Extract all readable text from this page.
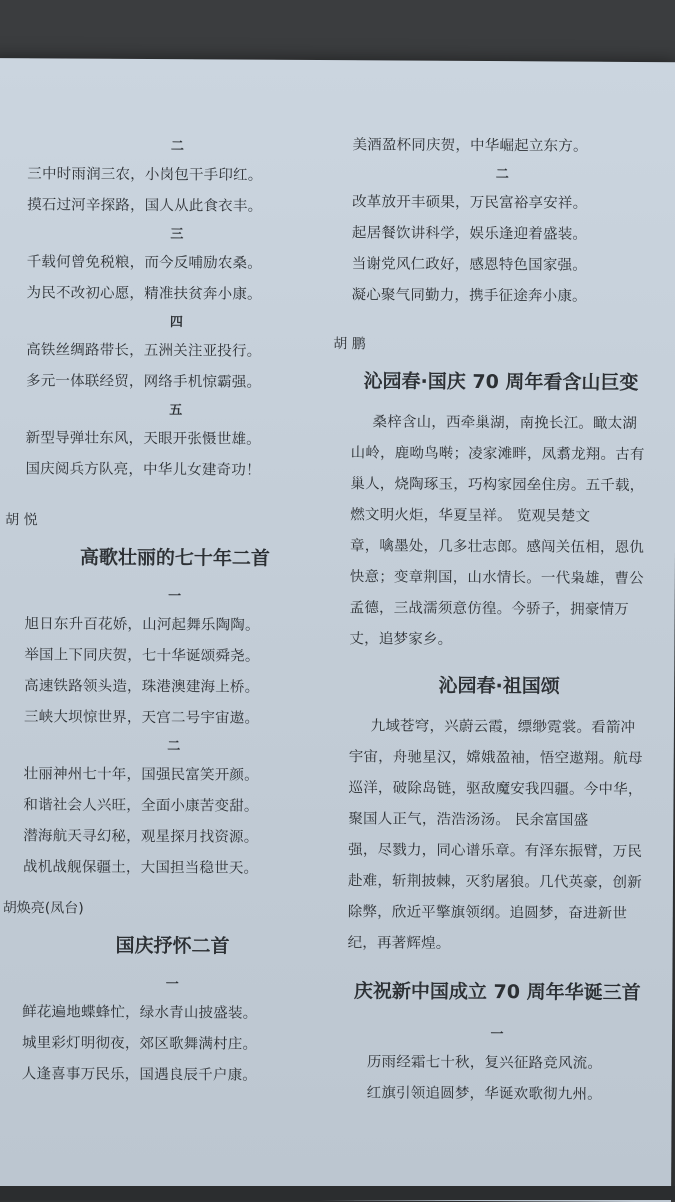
二
三中时雨润三农，小岗包干手印红。
摸石过河辛探路，国人从此食衣丰。
三
千载何曾免税粮，而今反哺励农桑。
为民不改初心愿，精准扶贫奔小康。
四
高铁丝绸路带长，五洲关注亚投行。
多元一体联经贸，网络手机惊霸强。
五
新型导弹壮东风，天眼开张慑世雄。
国庆阅兵方队亮，中华儿女建奇功！
胡 悦
高歌壮丽的七十年二首
一
旭日东升百花娇，山河起舞乐陶陶。
举国上下同庆贺，七十华诞颂舜尧。
高速铁路领头造，珠港澳建海上桥。
三峡大坝惊世界，天宫二号宇宙遨。
二
壮丽神州七十年，国强民富笑开颜。
和谐社会人兴旺，全面小康苦变甜。
潜海航天寻幻秘，观星探月找资源。
战机战舰保疆土，大国担当稳世天。
胡焕亮(凤台)
国庆抒怀二首
一
鲜花遍地蝶蜂忙，绿水青山披盛装。
城里彩灯明彻夜，郊区歌舞满村庄。
人逢喜事万民乐，国遇良辰千户康。
美酒盈杯同庆贺，中华崛起立东方。
二
改革放开丰硕果，万民富裕享安祥。
起居餐饮讲科学，娱乐逢迎着盛装。
当谢党风仁政好，感恩特色国家强。
凝心聚气同勤力，携手征途奔小康。
胡 鹏
沁园春·国庆 70 周年看含山巨变
桑梓含山，西牵巢湖，南挽长江。瞰太湖
山岭，鹿呦鸟啭；凌家滩畔，凤翥龙翔。古有
巢人，烧陶琢玉，巧构家园垒住房。五千载，
燃文明火炬，华夏呈祥。 览观吴楚文
章，噙墨处，几多壮志郎。感闯关伍相，恩仇
快意；变章荆国，山水情长。一代枭雄，曹公
孟德，三战濡须意仿徨。今骄子，拥豪情万
丈，追梦家乡。
沁园春·祖国颂
九域苍穹，兴蔚云霞，缥缈霓裳。看箭冲
宇宙，舟驰星汉，嫦娥盈袖，悟空遨翔。航母
巡洋，破除岛链，驱敌魔安我四疆。今中华，
聚国人正气，浩浩汤汤。 民余富国盛
强，尽戮力，同心谱乐章。有泽东振臂，万民
赴难，斩荆披棘，灭豹屠狼。几代英豪，创新
除弊，欣近平擎旗领纲。追圆梦，奋进新世
纪，再著辉煌。
庆祝新中国成立 70 周年华诞三首
一
历雨经霜七十秋，复兴征路竞风流。
红旗引领追圆梦，华诞欢歌彻九州。
